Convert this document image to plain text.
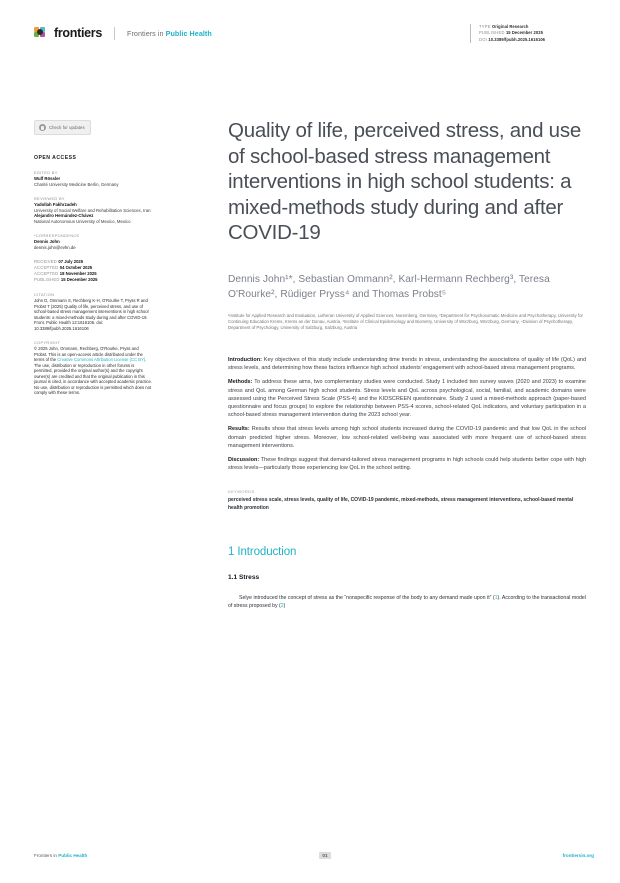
frontiers	Frontiers in Public Health
TYPE Original Research
PUBLISHED 15 December 2025
DOI 10.3389/fpubh.2025.1616106
Check for updates
OPEN ACCESS
EDITED BY
Wulf Rössler
Charité University Medicine Berlin, Germany
REVIEWED BY
Yadollah Fakhrzadeh
University of Social Welfare and Rehabilitation Sciences, Iran
Alejandro Hernández-Chávez
National Autonomous University of Mexico, Mexico
*CORRESPONDENCE
Dennis John
dennis.john@evhn.de
RECEIVED 07 July 2025
ACCEPTED 04 October 2025
ACCEPTED 18 November 2025
PUBLISHED 15 December 2025
CITATION
John D, Ommann S, Rechberg K-H, O'Rourke T, Pryss R and Probst T (2025) Quality of life, perceived stress, and use of school-based stress management interventions in high school students: a mixed-methods study during and after COVID-19. Front. Public Health 13:1616106. doi: 10.3389/fpubh.2025.1616106
COPYRIGHT
© 2025 John, Ommann, Rechberg, O'Rourke, Pryss and Probst. This is an open-access article distributed under the terms of the Creative Commons Attribution License (CC BY). The use, distribution or reproduction in other forums is permitted, provided the original author(s) and the copyright owner(s) are credited and that the original publication in this journal is cited, in accordance with accepted academic practice. No use, distribution or reproduction is permitted which does not comply with these terms.
Quality of life, perceived stress, and use of school-based stress management interventions in high school students: a mixed-methods study during and after COVID-19
Dennis John¹*, Sebastian Ommann², Karl-Hermann Rechberg³, Teresa O'Rourke², Rüdiger Pryss⁴ and Thomas Probst⁵
¹Institute for Applied Research and Evaluation, Lutheran University of Applied Sciences, Nuremberg, Germany, ²Department for Psychosomatic Medicine and Psychotherapy, University for Continuing Education Krems, Krems an der Donau, Austria, ³Institute of Clinical Epidemiology and Biometry, University of Würzburg, Würzburg, Germany, ⁴Division of Psychotherapy, Department of Psychology, University of Salzburg, Salzburg, Austria
Introduction: Key objectives of this study include understanding time trends in stress, understanding the associations of quality of life (QoL) and stress levels, and determining how these factors influence high school students' engagement with school-based stress management programs.
Methods: To address these aims, two complementary studies were conducted. Study 1 included two survey waves (2020 and 2023) to examine stress and QoL among German high school students. Stress levels and QoL across psychological, social, familial, and academic domains were assessed using the Perceived Stress Scale (PSS-4) and the KIDSCREEN questionnaire. Study 2 used a mixed-methods approach (paper-based questionnaire and focus groups) to explore the relationship between PSS-4 scores, school-related QoL indicators, and voluntary participation in a school-based stress management intervention during the 2023 school year.
Results: Results show that stress levels among high school students increased during the COVID-19 pandemic and that low QoL in the school domain predicted higher stress. Moreover, low school-related well-being was associated with more frequent use of school-based stress management interventions.
Discussion: These findings suggest that demand-tailored stress management programs in high schools could help students better cope with high stress levels—particularly those experiencing low QoL in the school setting.
KEYWORDS
perceived stress scale, stress levels, quality of life, COVID-19 pandemic, mixed-methods, stress management interventions, school-based mental health promotion
1 Introduction
1.1 Stress

Selye introduced the concept of stress as the “nonspecific response of the body to any demand made upon it” (1). According to the transactional model of stress proposed by (2)

Frontiers in Public Health	01	frontiersin.org
